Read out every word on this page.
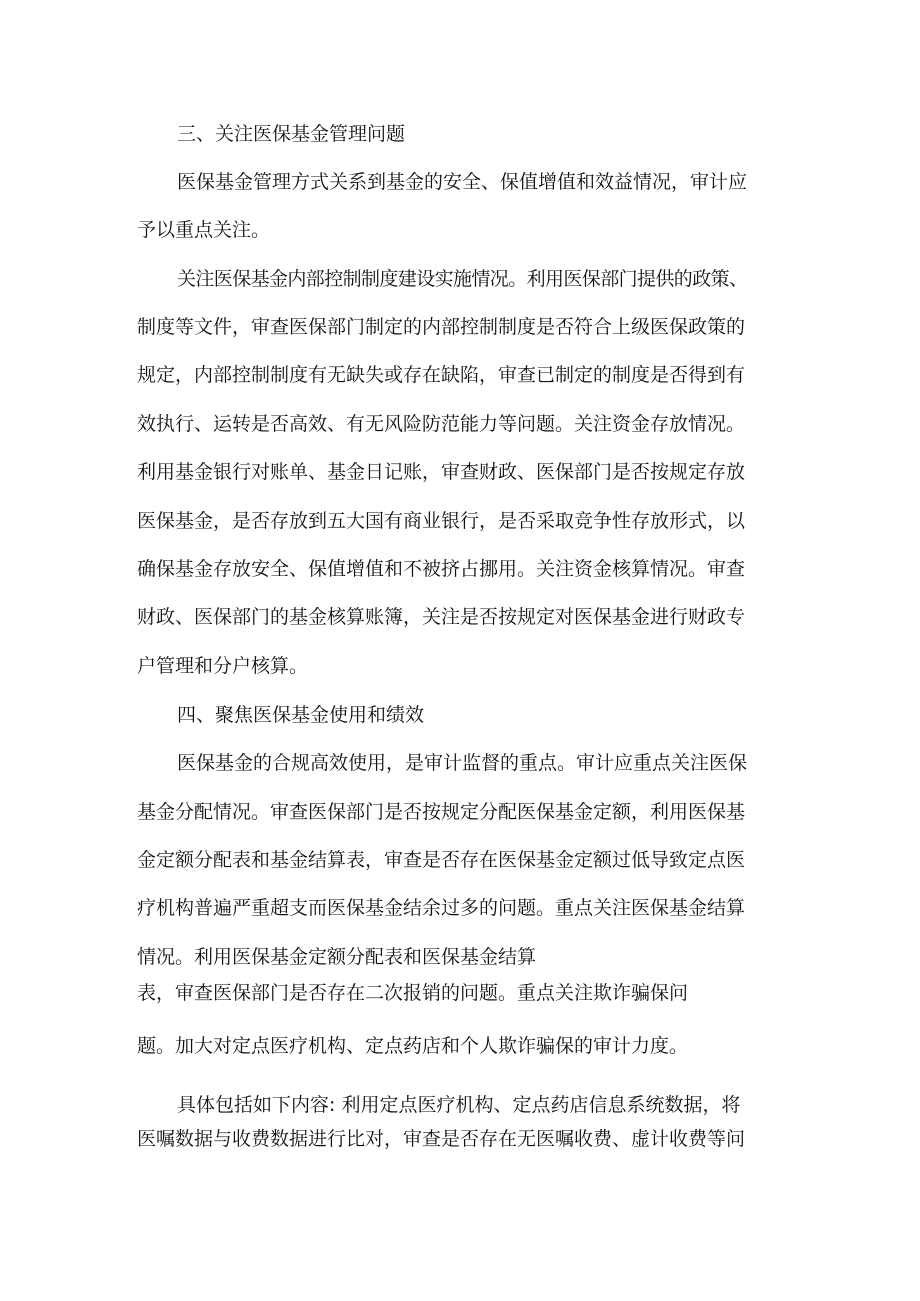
三、关注医保基金管理问题
医保基金管理方式关系到基金的安全、保值增值和效益情况，审计应
予以重点关注。
关注医保基金内部控制制度建设实施情况。利用医保部门提供的政策、
制度等文件，审查医保部门制定的内部控制制度是否符合上级医保政策的
规定，内部控制制度有无缺失或存在缺陷，审查已制定的制度是否得到有
效执行、运转是否高效、有无风险防范能力等问题。关注资金存放情况。
利用基金银行对账单、基金日记账，审查财政、医保部门是否按规定存放
医保基金，是否存放到五大国有商业银行，是否采取竞争性存放形式，以
确保基金存放安全、保值增值和不被挤占挪用。关注资金核算情况。审查
财政、医保部门的基金核算账簿，关注是否按规定对医保基金进行财政专
户管理和分户核算。
四、聚焦医保基金使用和绩效
医保基金的合规高效使用，是审计监督的重点。审计应重点关注医保
基金分配情况。审查医保部门是否按规定分配医保基金定额，利用医保基
金定额分配表和基金结算表，审查是否存在医保基金定额过低导致定点医
疗机构普遍严重超支而医保基金结余过多的问题。重点关注医保基金结算
情况。利用医保基金定额分配表和医保基金结算
表，审查医保部门是否存在二次报销的问题。重点关注欺诈骗保问
题。加大对定点医疗机构、定点药店和个人欺诈骗保的审计力度。
具体包括如下内容: 利用定点医疗机构、定点药店信息系统数据，将
医嘱数据与收费数据进行比对，审查是否存在无医嘱收费、虚计收费等问
